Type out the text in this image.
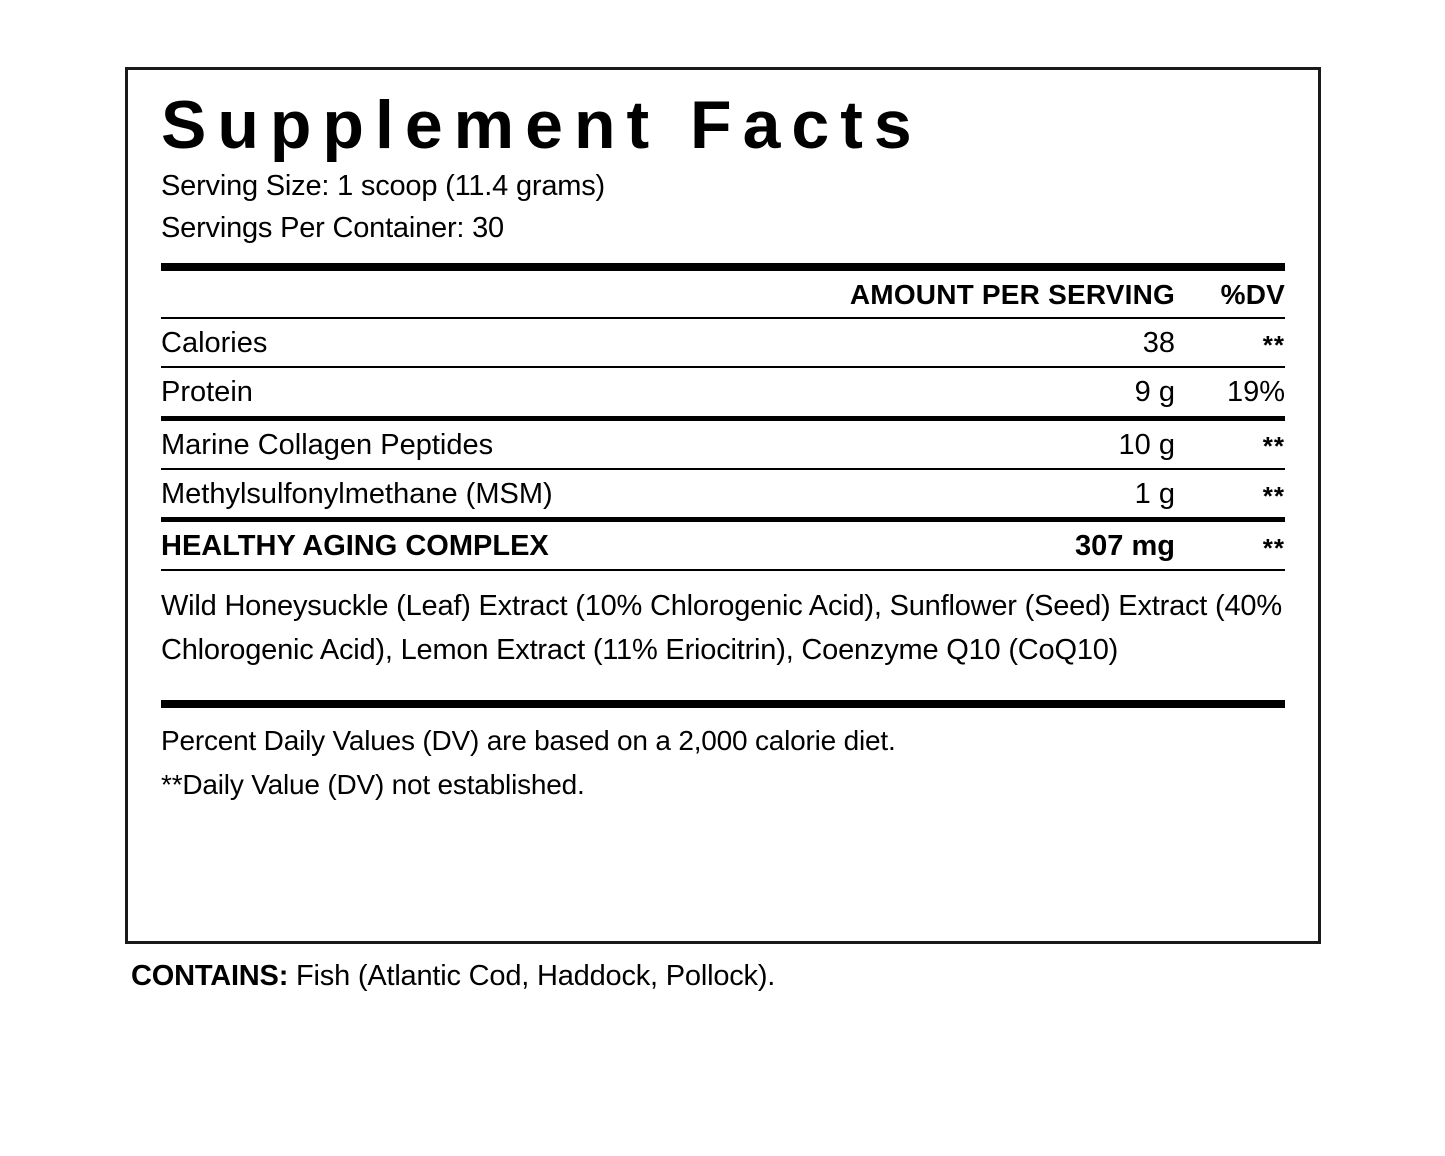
Supplement Facts
Serving Size: 1 scoop (11.4 grams)
Servings Per Container: 30
	AMOUNT PER SERVING	%DV
Calories	38	**
Protein	9 g	19%
Marine Collagen Peptides	10 g	**
Methylsulfonylmethane (MSM)	1 g	**
HEALTHY AGING COMPLEX	307 mg	**
Wild Honeysuckle (Leaf) Extract (10% Chlorogenic Acid), Sunflower (Seed) Extract (40% Chlorogenic Acid), Lemon Extract (11% Eriocitrin), Coenzyme Q10 (CoQ10)
Percent Daily Values (DV) are based on a 2,000 calorie diet.
**Daily Value (DV) not established.
CONTAINS: Fish (Atlantic Cod, Haddock, Pollock).
